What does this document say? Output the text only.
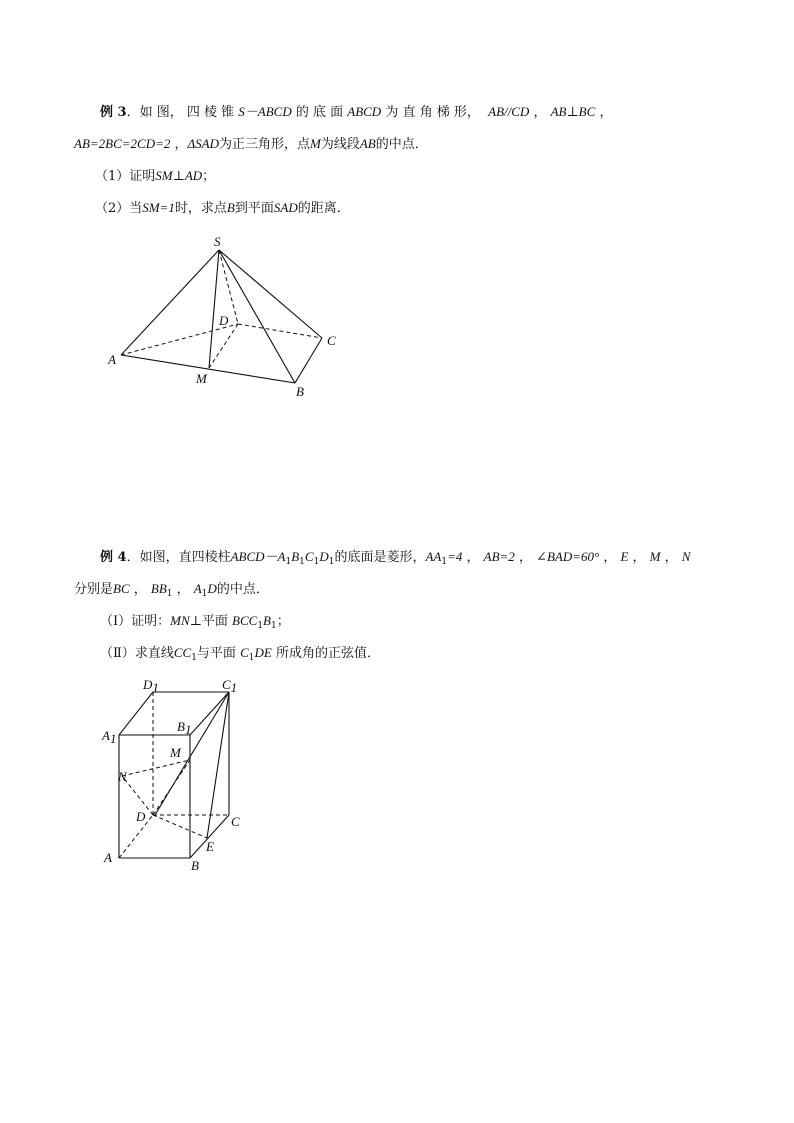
例 3．如 图， 四 棱 锥 S－ABCD 的 底 面 ABCD 为 直 角 梯 形， AB//CD ， AB⊥BC ，
AB=2BC=2CD=2 ，ΔSAD为正三角形，点M为线段AB的中点．
（1）证明SM⊥AD；
（2）当SM=1时，求点B到平面SAD的距离．
S
A
B
C
D
M
例 4．如图，直四棱柱$ABCD-A_1B_1C_1D_1$的底面是菱形，$AA_1=4$ ， AB=2 ， ∠BAD=60° ， E ， M ， N
分别是BC ， $BB_1$ ， $A_1D$的中点．
（Ⅰ）证明：MN⊥平面 $BCC_1B_1$；
（Ⅱ）求直线$CC_1$与平面 $C_1DE$ 所成角的正弦值．
D1	C1
B1
A1
M
N
D	C
E
A
B
